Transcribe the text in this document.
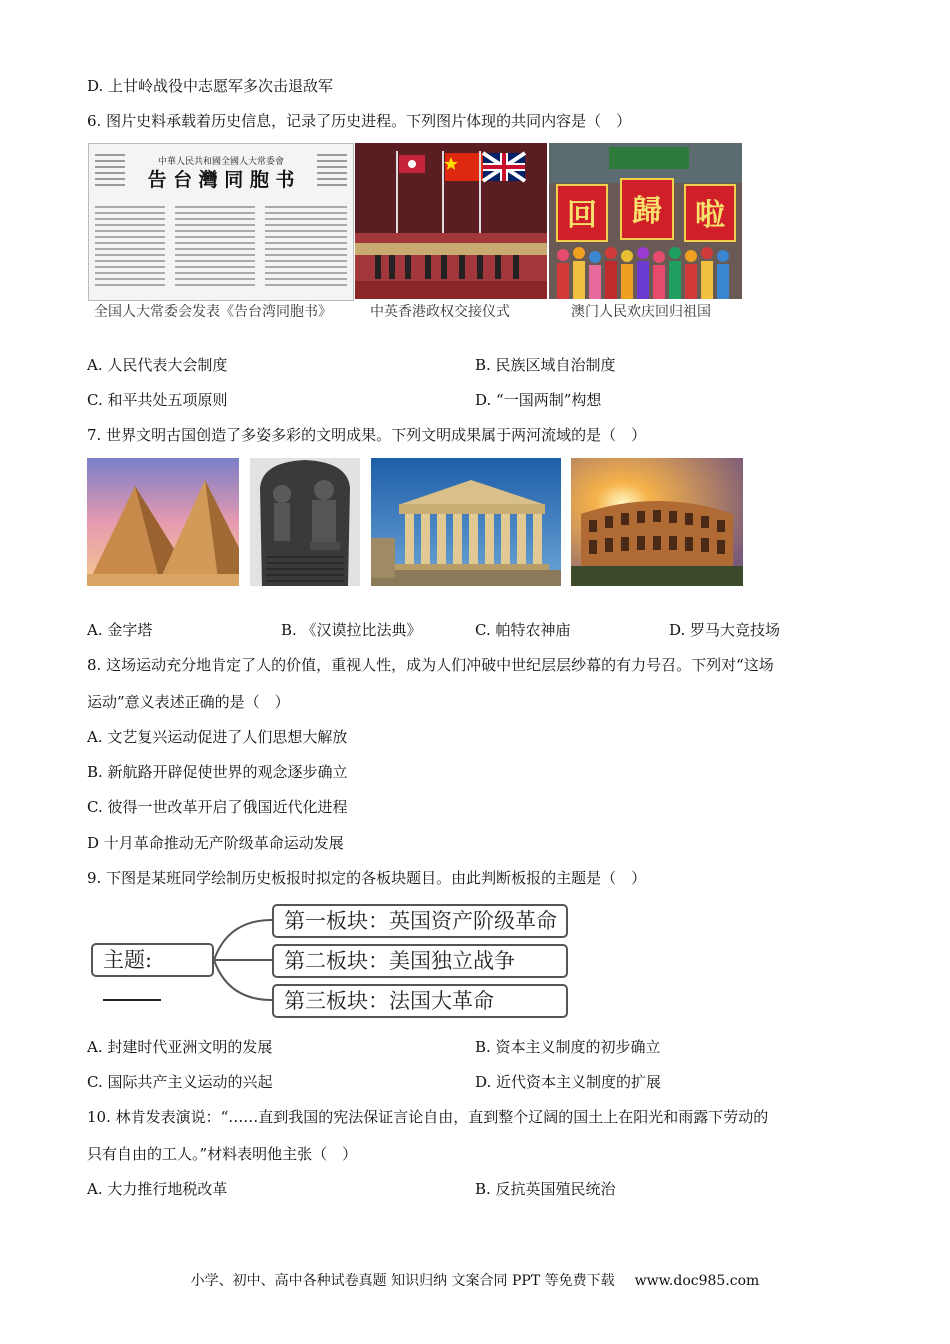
D. 上甘岭战役中志愿军多次击退敌军
6. 图片史料承载着历史信息，记录了历史进程。下列图片体现的共同内容是（　）
中華人民共和國全國人大常委會
告 台 灣 同 胞 书
全国人大常委会发表《告台湾同胞书》	中英香港政权交接仪式
回 歸 啦
澳门人民欢庆回归祖国
A. 人民代表大会制度	B. 民族区域自治制度
C. 和平共处五项原则	D. “一国两制”构想
7. 世界文明古国创造了多姿多彩的文明成果。下列文明成果属于两河流域的是（　）
A. 金字塔	B. 《汉谟拉比法典》	C. 帕特农神庙	D. 罗马大竞技场
8. 这场运动充分地肯定了人的价值，重视人性，成为人们冲破中世纪层层纱幕的有力号召。下列对“这场
运动”意义表述正确的是（　）
A. 文艺复兴运动促进了人们思想大解放
B. 新航路开辟促使世界的观念逐步确立
C. 彼得一世改革开启了俄国近代化进程
D 十月革命推动无产阶级革命运动发展
9. 下图是某班同学绘制历史板报时拟定的各板块题目。由此判断板报的主题是（　）
主题:
第一板块：英国资产阶级革命
第二板块：美国独立战争
第三板块：法国大革命
A. 封建时代亚洲文明的发展	B. 资本主义制度的初步确立
C. 国际共产主义运动的兴起	D. 近代资本主义制度的扩展
10. 林肯发表演说：“……直到我国的宪法保证言论自由，直到整个辽阔的国土上在阳光和雨露下劳动的
只有自由的工人。”材料表明他主张（　）
A. 大力推行地税改革	B. 反抗英国殖民统治
小学、初中、高中各种试卷真题 知识归纳 文案合同 PPT 等免费下载 www.doc985.com
